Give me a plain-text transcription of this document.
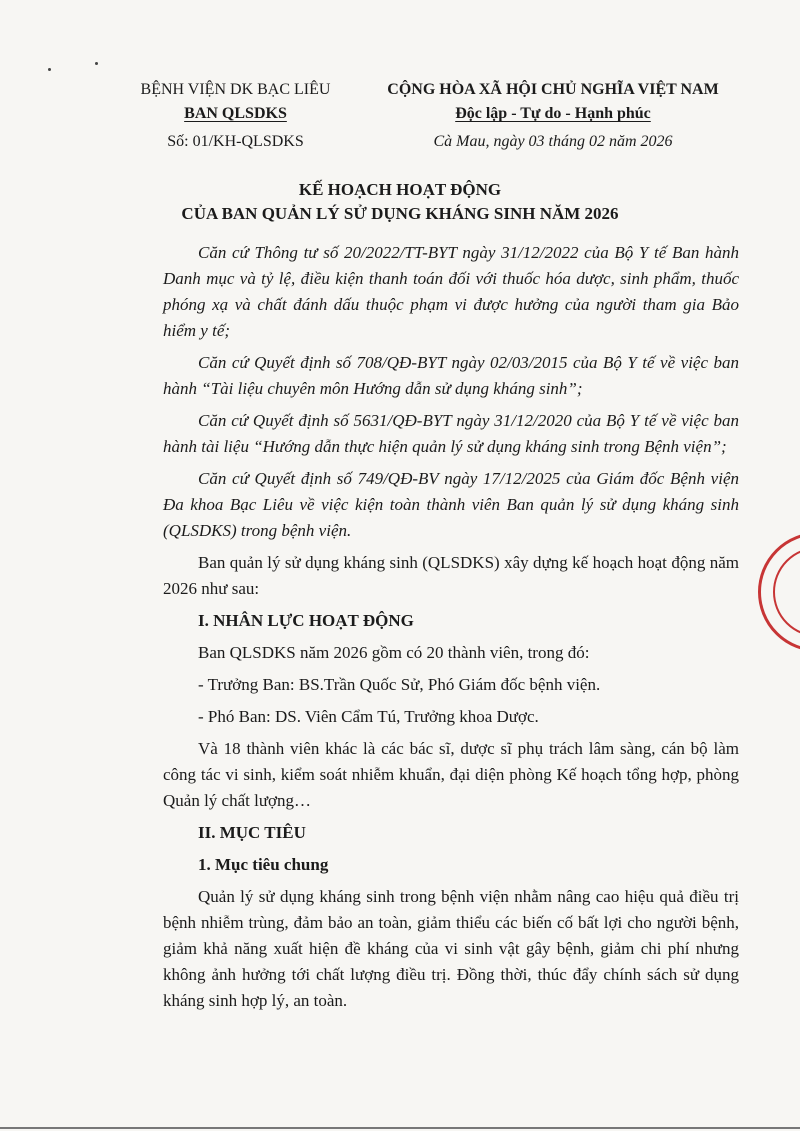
BỆNH VIỆN DK BẠC LIÊU
BAN QLSDKS
Số: 01/KH-QLSDKS
CỘNG HÒA XÃ HỘI CHỦ NGHĨA VIỆT NAM
Độc lập - Tự do - Hạnh phúc
Cà Mau, ngày 03 tháng 02 năm 2026
KẾ HOẠCH HOẠT ĐỘNG
CỦA BAN QUẢN LÝ SỬ DỤNG KHÁNG SINH NĂM 2026

Căn cứ Thông tư số 20/2022/TT-BYT ngày 31/12/2022 của Bộ Y tế Ban hành Danh mục và tỷ lệ, điều kiện thanh toán đối với thuốc hóa dược, sinh phẩm, thuốc phóng xạ và chất đánh dấu thuộc phạm vi được hưởng của người tham gia Bảo hiểm y tế;

Căn cứ Quyết định số 708/QĐ-BYT ngày 02/03/2015 của Bộ Y tế về việc ban hành “Tài liệu chuyên môn Hướng dẫn sử dụng kháng sinh”;

Căn cứ Quyết định số 5631/QĐ-BYT ngày 31/12/2020 của Bộ Y tế về việc ban hành tài liệu “Hướng dẫn thực hiện quản lý sử dụng kháng sinh trong Bệnh viện”;

Căn cứ Quyết định số 749/QĐ-BV ngày 17/12/2025 của Giám đốc Bệnh viện Đa khoa Bạc Liêu về việc kiện toàn thành viên Ban quản lý sử dụng kháng sinh (QLSDKS) trong bệnh viện.

Ban quản lý sử dụng kháng sinh (QLSDKS) xây dựng kế hoạch hoạt động năm 2026 như sau:

I. NHÂN LỰC HOẠT ĐỘNG

Ban QLSDKS năm 2026 gồm có 20 thành viên, trong đó:

- Trưởng Ban: BS.Trần Quốc Sử, Phó Giám đốc bệnh viện.

- Phó Ban: DS. Viên Cẩm Tú, Trưởng khoa Dược.

Và 18 thành viên khác là các bác sĩ, dược sĩ phụ trách lâm sàng, cán bộ làm công tác vi sinh, kiểm soát nhiễm khuẩn, đại diện phòng Kế hoạch tổng hợp, phòng Quản lý chất lượng…

II. MỤC TIÊU

1. Mục tiêu chung

Quản lý sử dụng kháng sinh trong bệnh viện nhằm nâng cao hiệu quả điều trị bệnh nhiễm trùng, đảm bảo an toàn, giảm thiểu các biến cố bất lợi cho người bệnh, giảm khả năng xuất hiện đề kháng của vi sinh vật gây bệnh, giảm chi phí nhưng không ảnh hưởng tới chất lượng điều trị. Đồng thời, thúc đẩy chính sách sử dụng kháng sinh hợp lý, an toàn.
